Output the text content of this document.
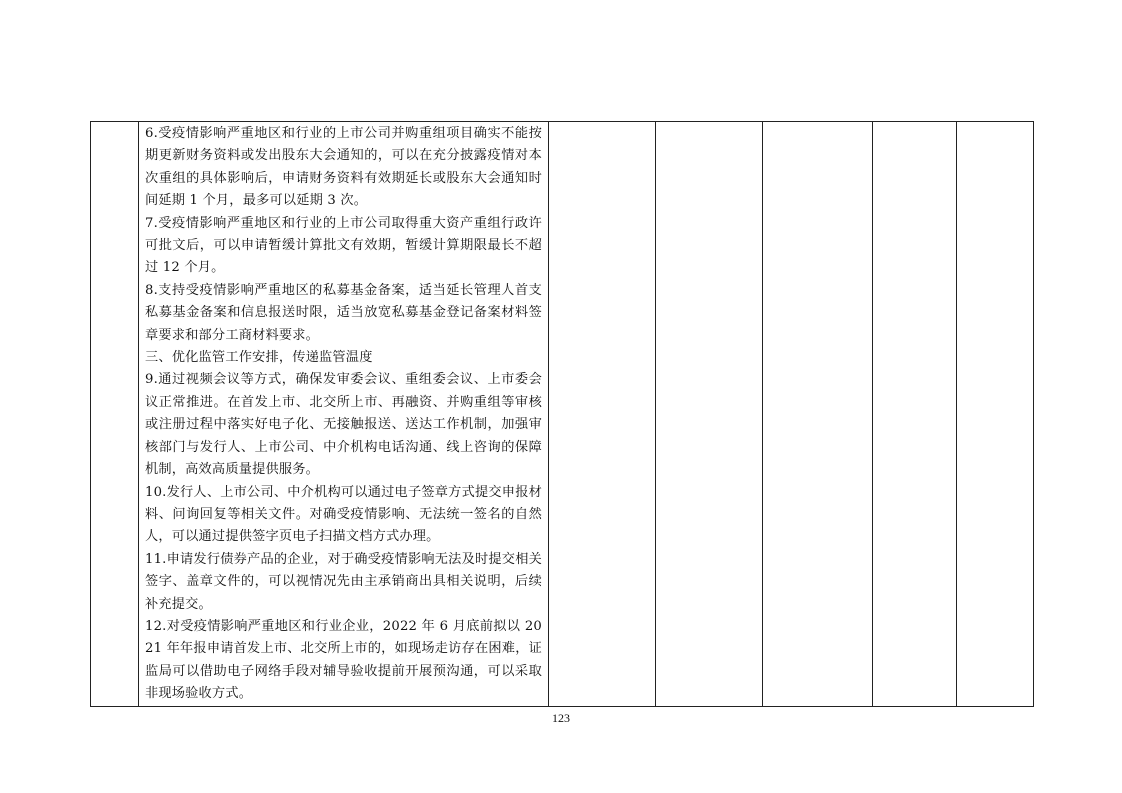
6.受疫情影响严重地区和行业的上市公司并购重组项目确实不能按期更新财务资料或发出股东大会通知的，可以在充分披露疫情对本次重组的具体影响后，申请财务资料有效期延长或股东大会通知时间延期 1 个月，最多可以延期 3 次。

7.受疫情影响严重地区和行业的上市公司取得重大资产重组行政许可批文后，可以申请暂缓计算批文有效期，暂缓计算期限最长不超过 12 个月。

8.支持受疫情影响严重地区的私募基金备案，适当延长管理人首支私募基金备案和信息报送时限，适当放宽私募基金登记备案材料签章要求和部分工商材料要求。

三、优化监管工作安排，传递监管温度

9.通过视频会议等方式，确保发审委会议、重组委会议、上市委会议正常推进。在首发上市、北交所上市、再融资、并购重组等审核或注册过程中落实好电子化、无接触报送、送达工作机制，加强审核部门与发行人、上市公司、中介机构电话沟通、线上咨询的保障机制，高效高质量提供服务。

10.发行人、上市公司、中介机构可以通过电子签章方式提交申报材料、问询回复等相关文件。对确受疫情影响、无法统一签名的自然人，可以通过提供签字页电子扫描文档方式办理。

11.申请发行债券产品的企业，对于确受疫情影响无法及时提交相关签字、盖章文件的，可以视情况先由主承销商出具相关说明，后续补充提交。

12.对受疫情影响严重地区和行业企业，2022 年 6 月底前拟以 2021 年年报申请首发上市、北交所上市的，如现场走访存在困难，证监局可以借助电子网络手段对辅导验收提前开展预沟通，可以采取非现场验收方式。

123
